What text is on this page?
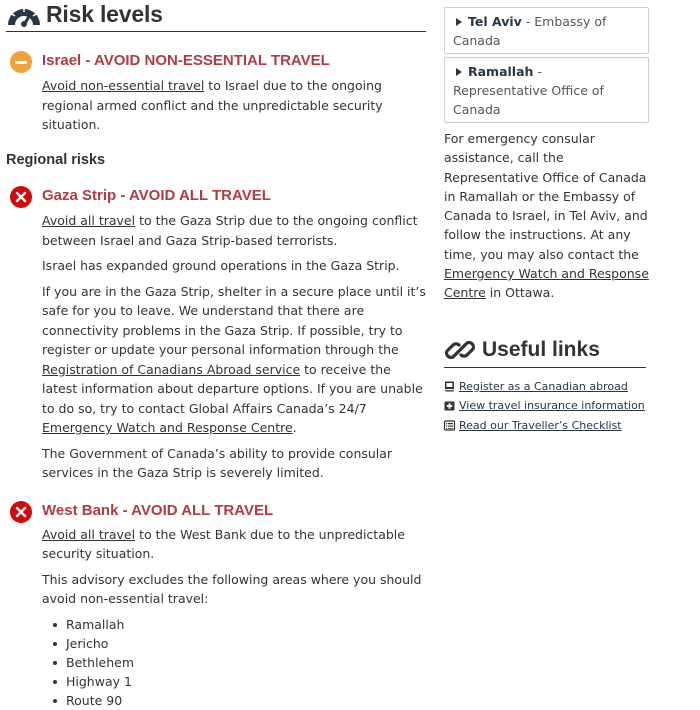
Risk levels
Israel - AVOID NON-ESSENTIAL TRAVEL

Avoid non-essential travel to Israel due to the ongoing regional armed conflict and the unpredictable security situation.

Regional risks
Gaza Strip - AVOID ALL TRAVEL

Avoid all travel to the Gaza Strip due to the ongoing conflict between Israel and Gaza Strip-based terrorists.

Israel has expanded ground operations in the Gaza Strip.

If you are in the Gaza Strip, shelter in a secure place until it’s safe for you to leave. We understand that there are connectivity problems in the Gaza Strip. If possible, try to register or update your personal information through the Registration of Canadians Abroad service to receive the latest information about departure options. If you are unable to do so, try to contact Global Affairs Canada’s 24/7 Emergency Watch and Response Centre.

The Government of Canada’s ability to provide consular services in the Gaza Strip is severely limited.

West Bank - AVOID ALL TRAVEL

Avoid all travel to the West Bank due to the unpredictable security situation.

This advisory excludes the following areas where you should avoid non-essential travel:

Ramallah
Jericho
Bethlehem
Highway 1
Route 90
Tel Aviv - Embassy of Canada
Ramallah - Representative Office of Canada

For emergency consular assistance, call the Representative Office of Canada in Ramallah or the Embassy of Canada to Israel, in Tel Aviv, and follow the instructions. At any time, you may also contact the Emergency Watch and Response Centre in Ottawa.

Useful links
Register as a Canadian abroad
View travel insurance information
Read our Traveller’s Checklist
